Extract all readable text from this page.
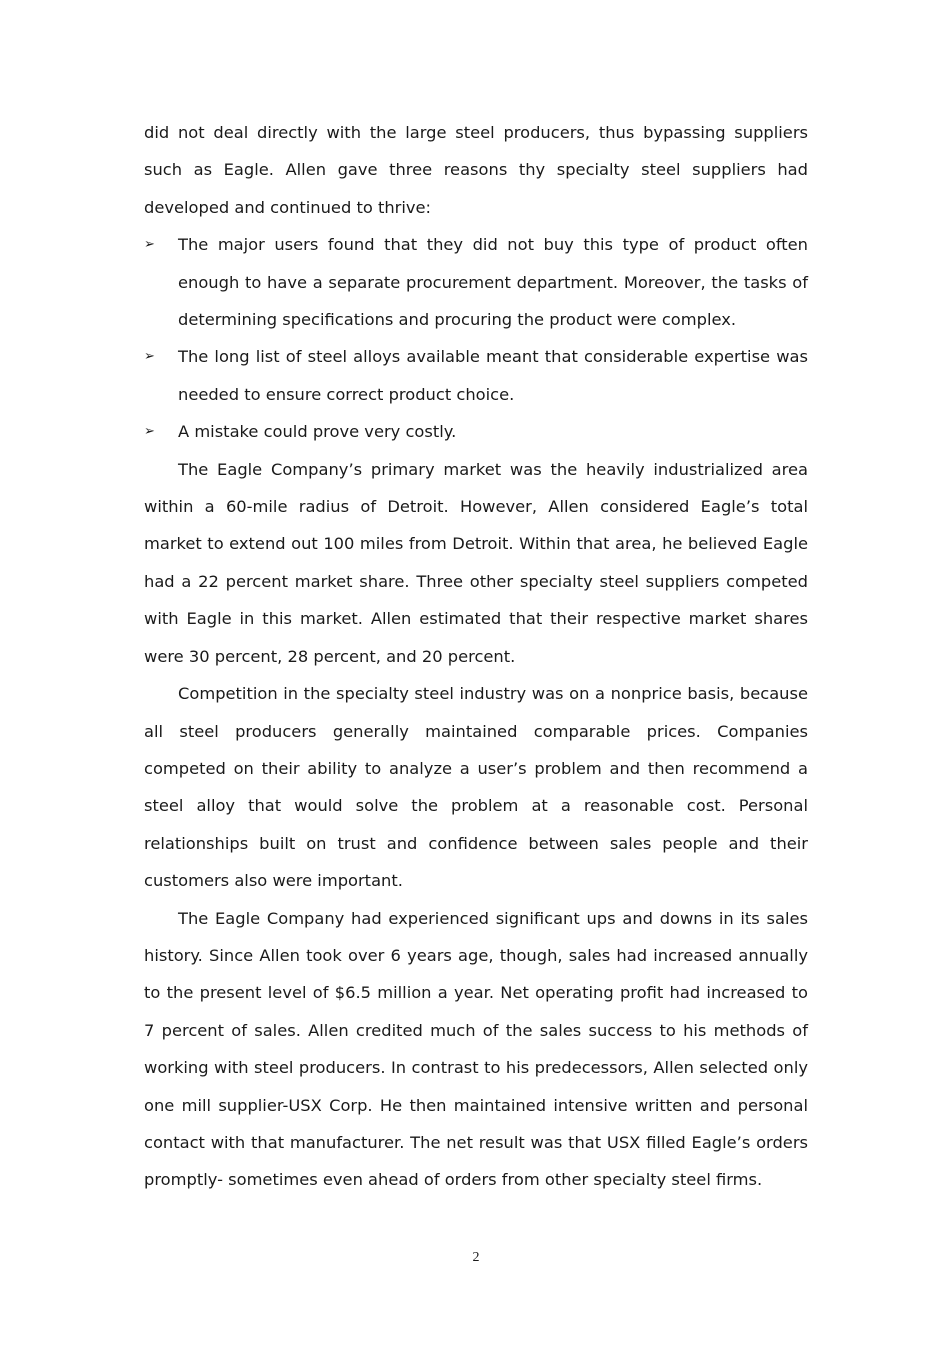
did not deal directly with the large steel producers, thus bypassing suppliers such as Eagle. Allen gave three reasons thy specialty steel suppliers had developed and continued to thrive:

➢ The major users found that they did not buy this type of product often enough to have a separate procurement department. Moreover, the tasks of determining specifications and procuring the product were complex.
➢ The long list of steel alloys available meant that considerable expertise was needed to ensure correct product choice.
➢ A mistake could prove very costly.

The Eagle Company’s primary market was the heavily industrialized area within a 60-mile radius of Detroit. However, Allen considered Eagle’s total market to extend out 100 miles from Detroit. Within that area, he believed Eagle had a 22 percent market share. Three other specialty steel suppliers competed with Eagle in this market. Allen estimated that their respective market shares were 30 percent, 28 percent, and 20 percent.

Competition in the specialty steel industry was on a nonprice basis, because all steel producers generally maintained comparable prices. Companies competed on their ability to analyze a user’s problem and then recommend a steel alloy that would solve the problem at a reasonable cost. Personal relationships built on trust and confidence between sales people and their customers also were important.

The Eagle Company had experienced significant ups and downs in its sales history. Since Allen took over 6 years age, though, sales had increased annually to the present level of $6.5 million a year. Net operating profit had increased to 7 percent of sales. Allen credited much of the sales success to his methods of working with steel producers. In contrast to his predecessors, Allen selected only one mill supplier-USX Corp. He then maintained intensive written and personal contact with that manufacturer. The net result was that USX filled Eagle’s orders promptly- sometimes even ahead of orders from other specialty steel firms.

2
